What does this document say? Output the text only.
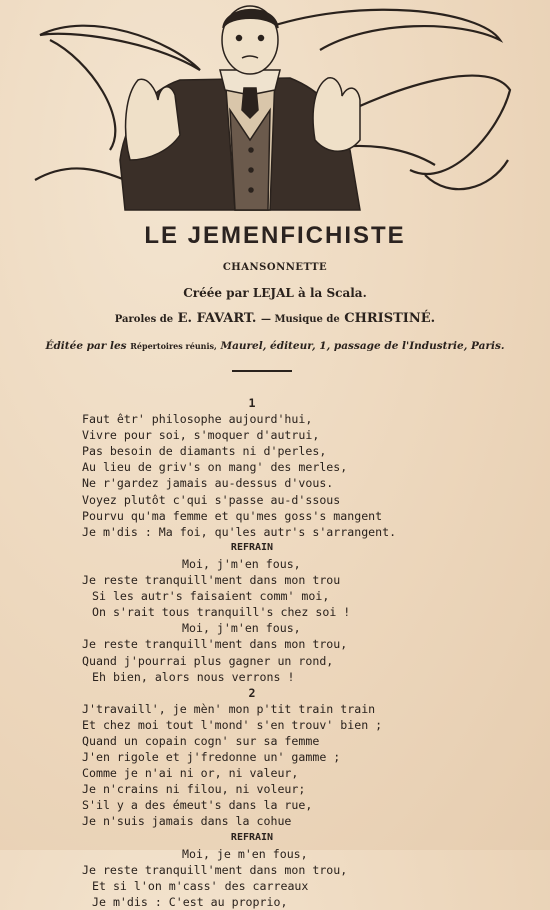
LE JEMENFICHISTE
CHANSONNETTE
Créée par LEJAL à la Scala.
Paroles de E. FAVART. — Musique de CHRISTINÉ.
Éditée par les Répertoires réunis, Maurel, éditeur, 1, passage de l'Industrie, Paris.
1
Faut êtr' philosophe aujourd'hui,
Vivre pour soi, s'moquer d'autrui,
Pas besoin de diamants ni d'perles,
Au lieu de griv's on mang' des merles,
Ne r'gardez jamais au-dessus d'vous.
Voyez plutôt c'qui s'passe au-d'ssous
Pourvu qu'ma femme et qu'mes goss's mangent
Je m'dis : Ma foi, qu'les autr's s'arrangent.
REFRAIN
Moi, j'm'en fous,
Je reste tranquill'ment dans mon trou
Si les autr's faisaient comm' moi,
On s'rait tous tranquill's chez soi !
Moi, j'm'en fous,
Je reste tranquill'ment dans mon trou,
Quand j'pourrai plus gagner un rond,
Eh bien, alors nous verrons !
2
J'travaill', je mèn' mon p'tit train train
Et chez moi tout l'mond' s'en trouv' bien ;
Quand un copain cogn' sur sa femme
J'en rigole et j'fredonne un' gamme ;
Comme je n'ai ni or, ni valeur,
Je n'crains ni filou, ni voleur;
S'il y a des émeut's dans la rue,
Je n'suis jamais dans la cohue
REFRAIN
Moi, je m'en fous,
Je reste tranquill'ment dans mon trou,
Et si l'on m'cass' des carreaux
Je m'dis : C'est au proprio,
